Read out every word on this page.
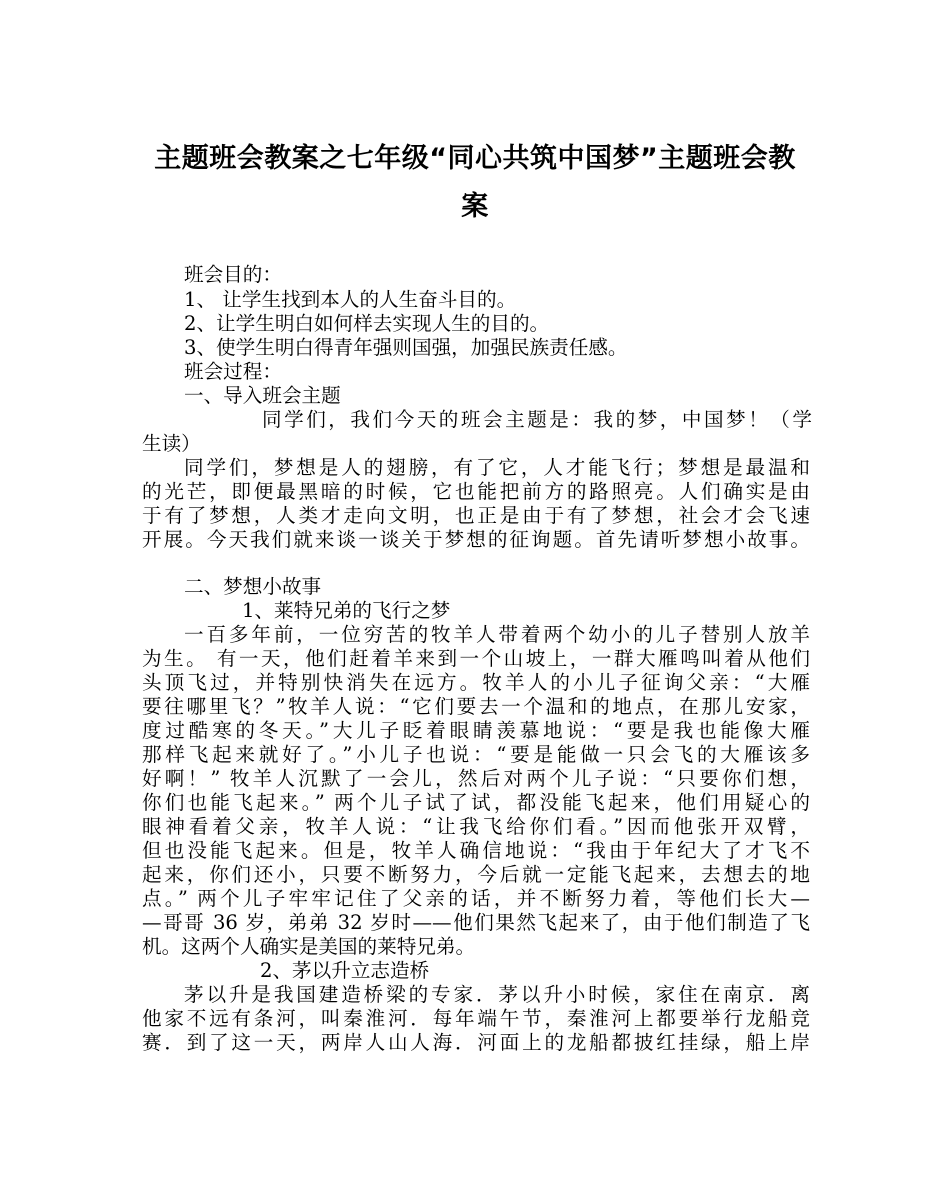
主题班会教案之七年级“同心共筑中国梦”主题班会教
案
班会目的：
1、 让学生找到本人的人生奋斗目的。
2、让学生明白如何样去实现人生的目的。
3、使学生明白得青年强则国强，加强民族责任感。
班会过程：
一、导入班会主题
同学们，我们今天的班会主题是：我的梦，中国梦！（学
生读）
同学们，梦想是人的翅膀，有了它，人才能飞行；梦想是最温和
的光芒，即便最黑暗的时候，它也能把前方的路照亮。人们确实是由
于有了梦想，人类才走向文明，也正是由于有了梦想，社会才会飞速
开展。今天我们就来谈一谈关于梦想的征询题。首先请听梦想小故事。
二、梦想小故事
1、莱特兄弟的飞行之梦
一百多年前，一位穷苦的牧羊人带着两个幼小的儿子替别人放羊
为生。 有一天，他们赶着羊来到一个山坡上，一群大雁鸣叫着从他们
头顶飞过，并特别快消失在远方。牧羊人的小儿子征询父亲：“大雁
要往哪里飞？”牧羊人说：“它们要去一个温和的地点，在那儿安家，
度过酷寒的冬天。”大儿子眨着眼睛羡慕地说：“要是我也能像大雁
那样飞起来就好了。”小儿子也说：“要是能做一只会飞的大雁该多
好啊！” 牧羊人沉默了一会儿，然后对两个儿子说：“只要你们想，
你们也能飞起来。” 两个儿子试了试，都没能飞起来，他们用疑心的
眼神看着父亲，牧羊人说：“让我飞给你们看。”因而他张开双臂，
但也没能飞起来。但是，牧羊人确信地说：“我由于年纪大了才飞不
起来，你们还小，只要不断努力，今后就一定能飞起来，去想去的地
点。” 两个儿子牢牢记住了父亲的话，并不断努力着，等他们长大—
—哥哥 36 岁，弟弟 32 岁时——他们果然飞起来了，由于他们制造了飞
机。这两个人确实是美国的莱特兄弟。
2、茅以升立志造桥
茅以升是我国建造桥梁的专家．茅以升小时候，家住在南京．离
他家不远有条河，叫秦淮河．每年端午节，秦淮河上都要举行龙船竞
赛．到了这一天，两岸人山人海．河面上的龙船都披红挂绿，船上岸
